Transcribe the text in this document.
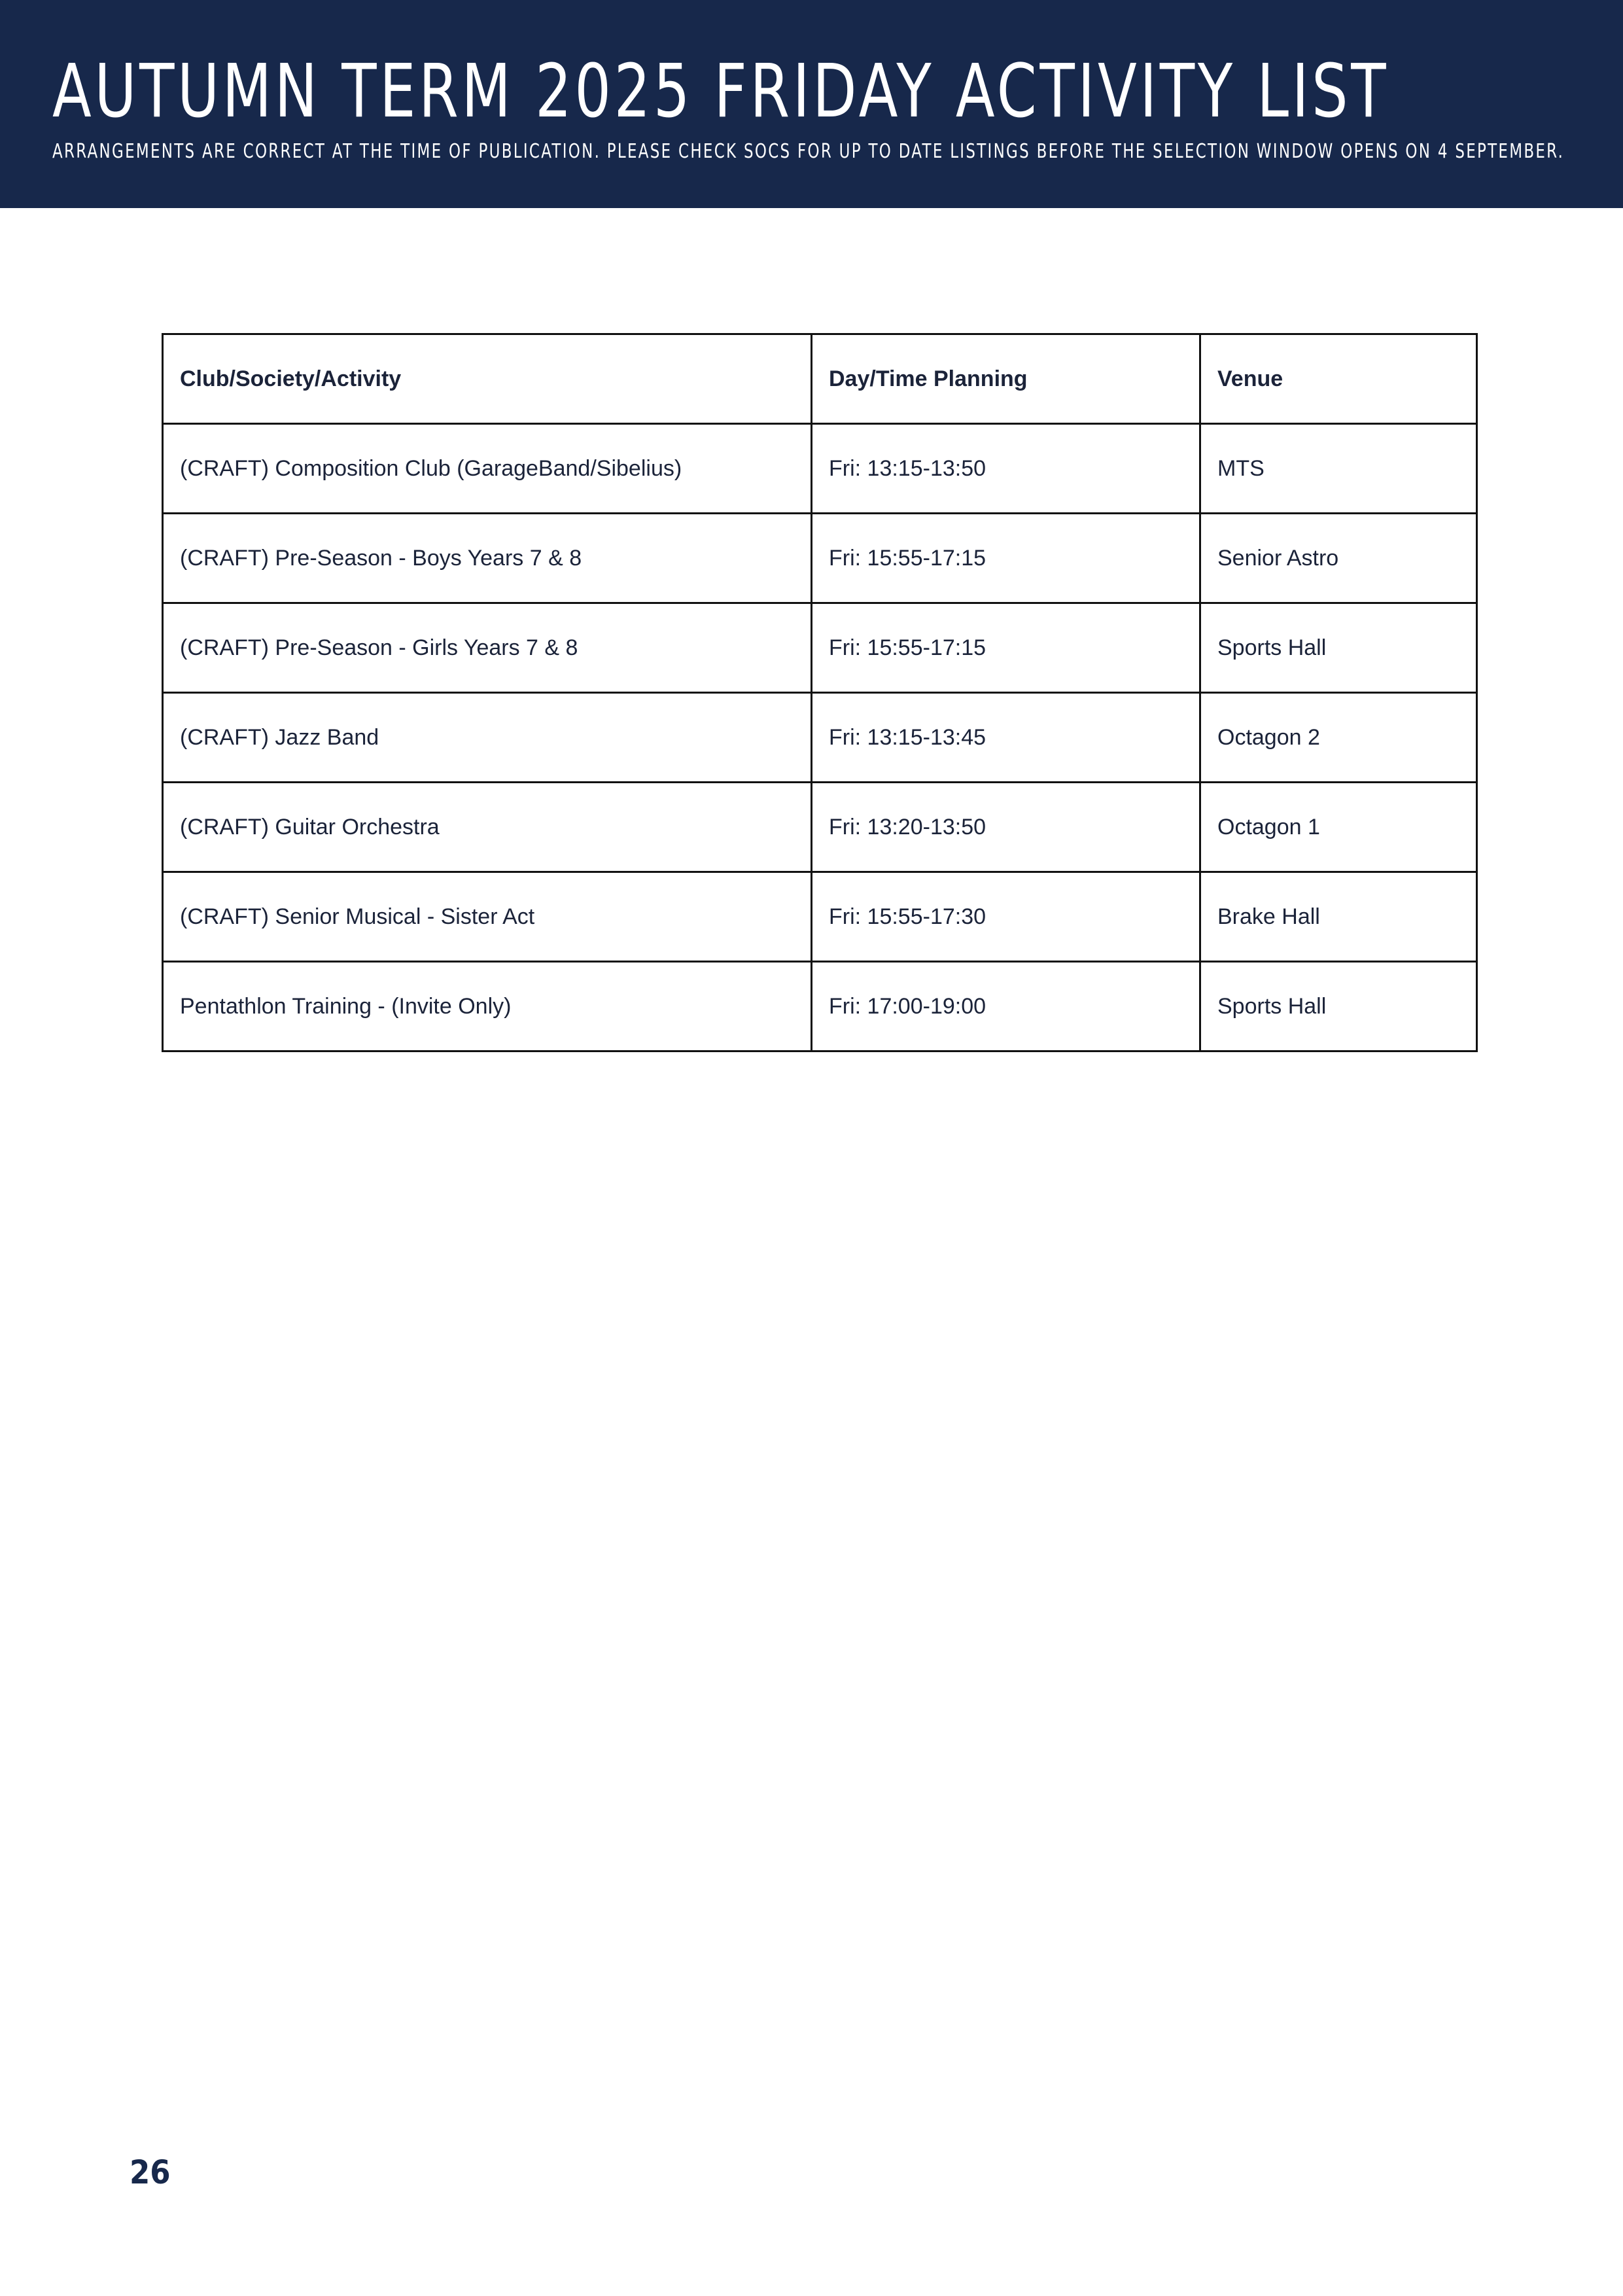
AUTUMN TERM 2025 FRIDAY ACTIVITY LIST

ARRANGEMENTS ARE CORRECT AT THE TIME OF PUBLICATION. PLEASE CHECK SOCS FOR UP TO DATE LISTINGS BEFORE THE SELECTION WINDOW OPENS ON 4 SEPTEMBER.

Club/Society/Activity	Day/Time Planning	Venue
(CRAFT) Composition Club (GarageBand/Sibelius)	Fri: 13:15-13:50	MTS
(CRAFT) Pre-Season - Boys Years 7 & 8	Fri: 15:55-17:15	Senior Astro
(CRAFT) Pre-Season - Girls Years 7 & 8	Fri: 15:55-17:15	Sports Hall
(CRAFT) Jazz Band	Fri: 13:15-13:45	Octagon 2
(CRAFT) Guitar Orchestra	Fri: 13:20-13:50	Octagon 1
(CRAFT) Senior Musical - Sister Act	Fri: 15:55-17:30	Brake Hall
Pentathlon Training - (Invite Only)	Fri: 17:00-19:00	Sports Hall
26
